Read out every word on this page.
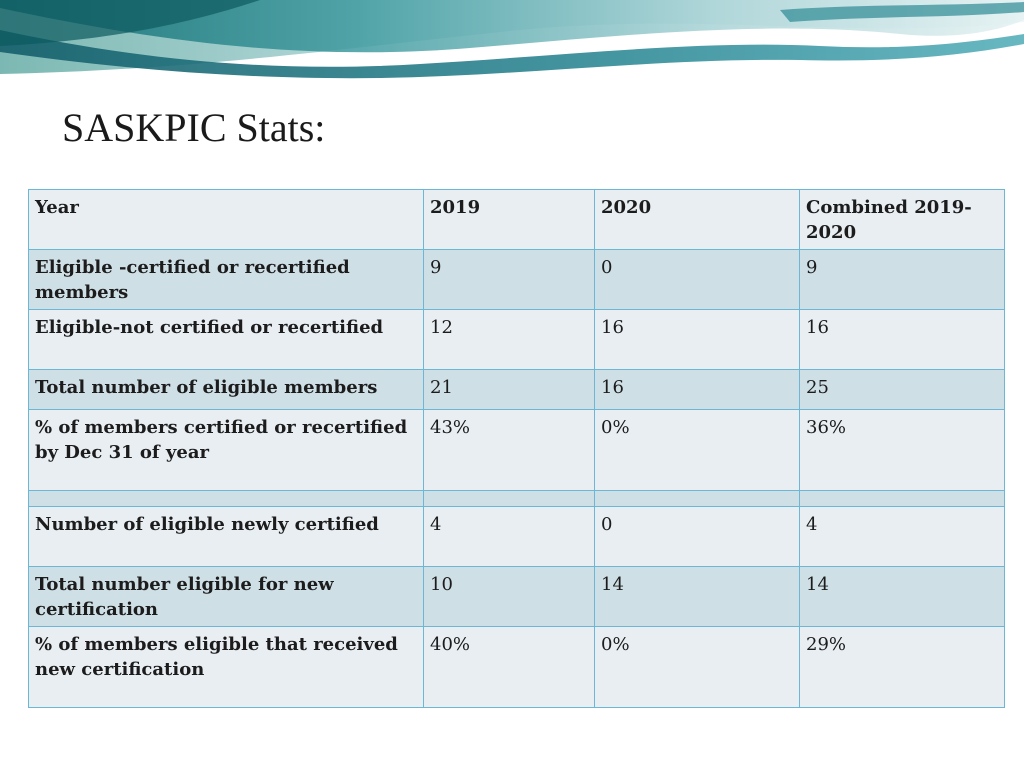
SASKPIC Stats:
Year	2019	2020	Combined 2019-2020
Eligible -certified or recertified members	9	0	9
Eligible-not certified or recertified	12	16	16
Total number of eligible members	21	16	25
% of members certified or recertified by Dec 31 of year	43%	0%	36%

Number of eligible newly certified	4	0	4
Total number eligible for new certification	10	14	14
% of members eligible that received new certification	40%	0%	29%
